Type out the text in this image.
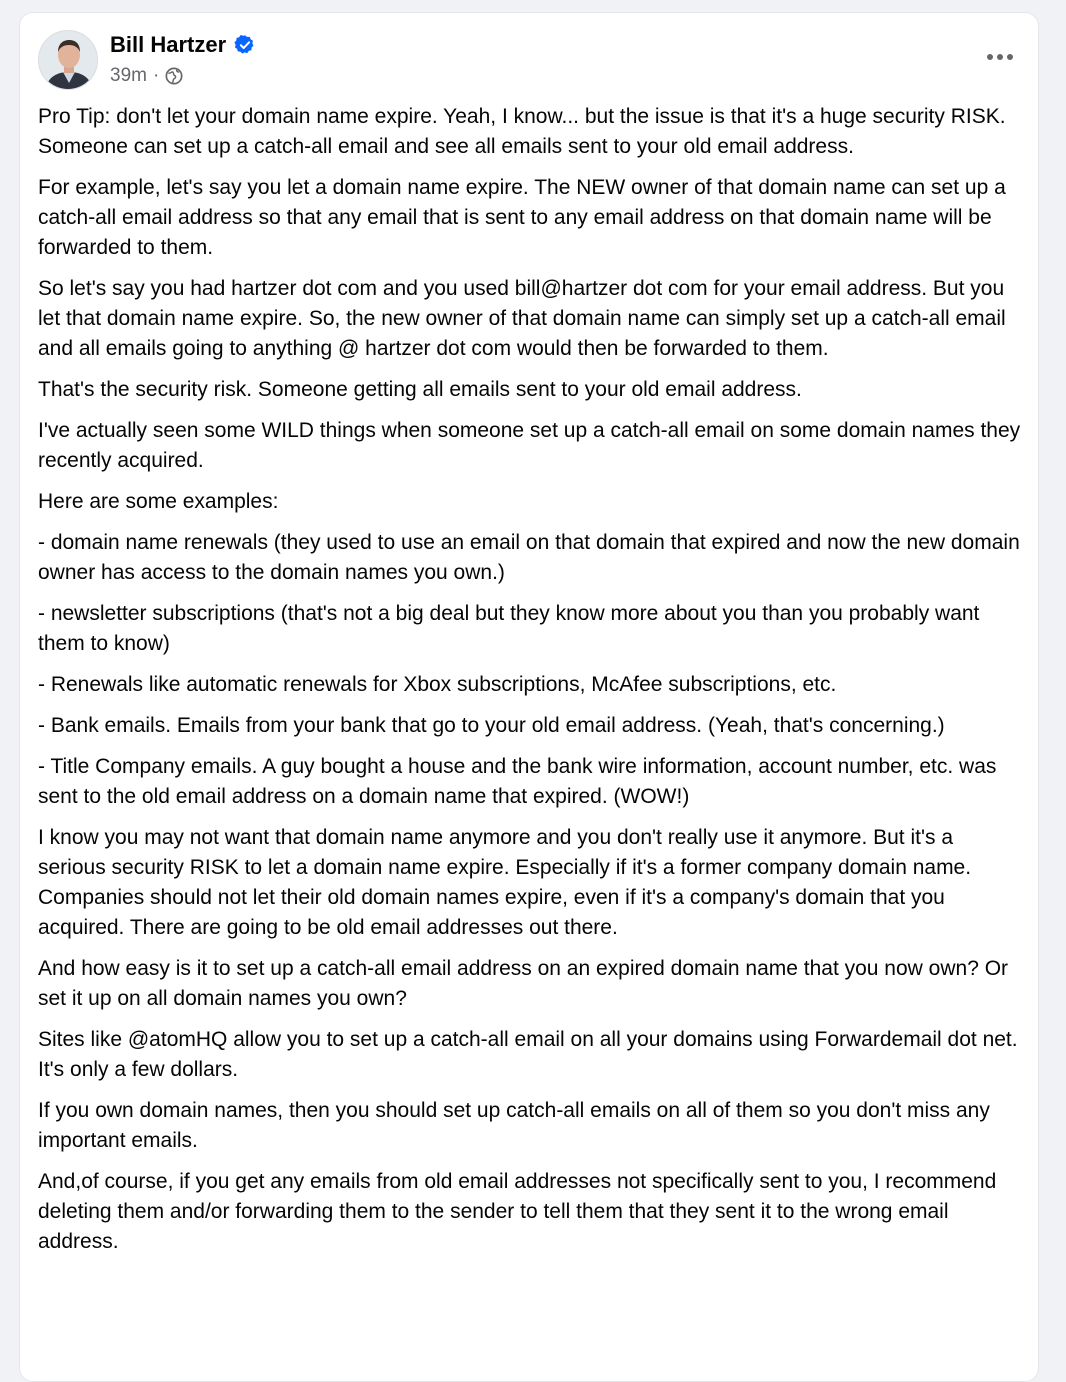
Bill Hartzer
39m ·

Pro Tip: don't let your domain name expire. Yeah, I know... but the issue is that it's a huge security RISK. Someone can set up a catch-all email and see all emails sent to your old email address.

For example, let's say you let a domain name expire. The NEW owner of that domain name can set up a catch-all email address so that any email that is sent to any email address on that domain name will be forwarded to them.

So let's say you had hartzer dot com and you used bill@hartzer dot com for your email address. But you let that domain name expire. So, the new owner of that domain name can simply set up a catch-all email and all emails going to anything @ hartzer dot com would then be forwarded to them.

That's the security risk. Someone getting all emails sent to your old email address.

I've actually seen some WILD things when someone set up a catch-all email on some domain names they recently acquired.

Here are some examples:

- domain name renewals (they used to use an email on that domain that expired and now the new domain owner has access to the domain names you own.)

- newsletter subscriptions (that's not a big deal but they know more about you than you probably want them to know)

- Renewals like automatic renewals for Xbox subscriptions, McAfee subscriptions, etc.

- Bank emails. Emails from your bank that go to your old email address. (Yeah, that's concerning.)

- Title Company emails. A guy bought a house and the bank wire information, account number, etc. was sent to the old email address on a domain name that expired. (WOW!)

I know you may not want that domain name anymore and you don't really use it anymore. But it's a serious security RISK to let a domain name expire. Especially if it's a former company domain name. Companies should not let their old domain names expire, even if it's a company's domain that you acquired. There are going to be old email addresses out there.

And how easy is it to set up a catch-all email address on an expired domain name that you now own? Or set it up on all domain names you own?

Sites like @atomHQ allow you to set up a catch-all email on all your domains using Forwardemail dot net. It's only a few dollars.

If you own domain names, then you should set up catch-all emails on all of them so you don't miss any important emails.

And,of course, if you get any emails from old email addresses not specifically sent to you, I recommend deleting them and/or forwarding them to the sender to tell them that they sent it to the wrong email address.
